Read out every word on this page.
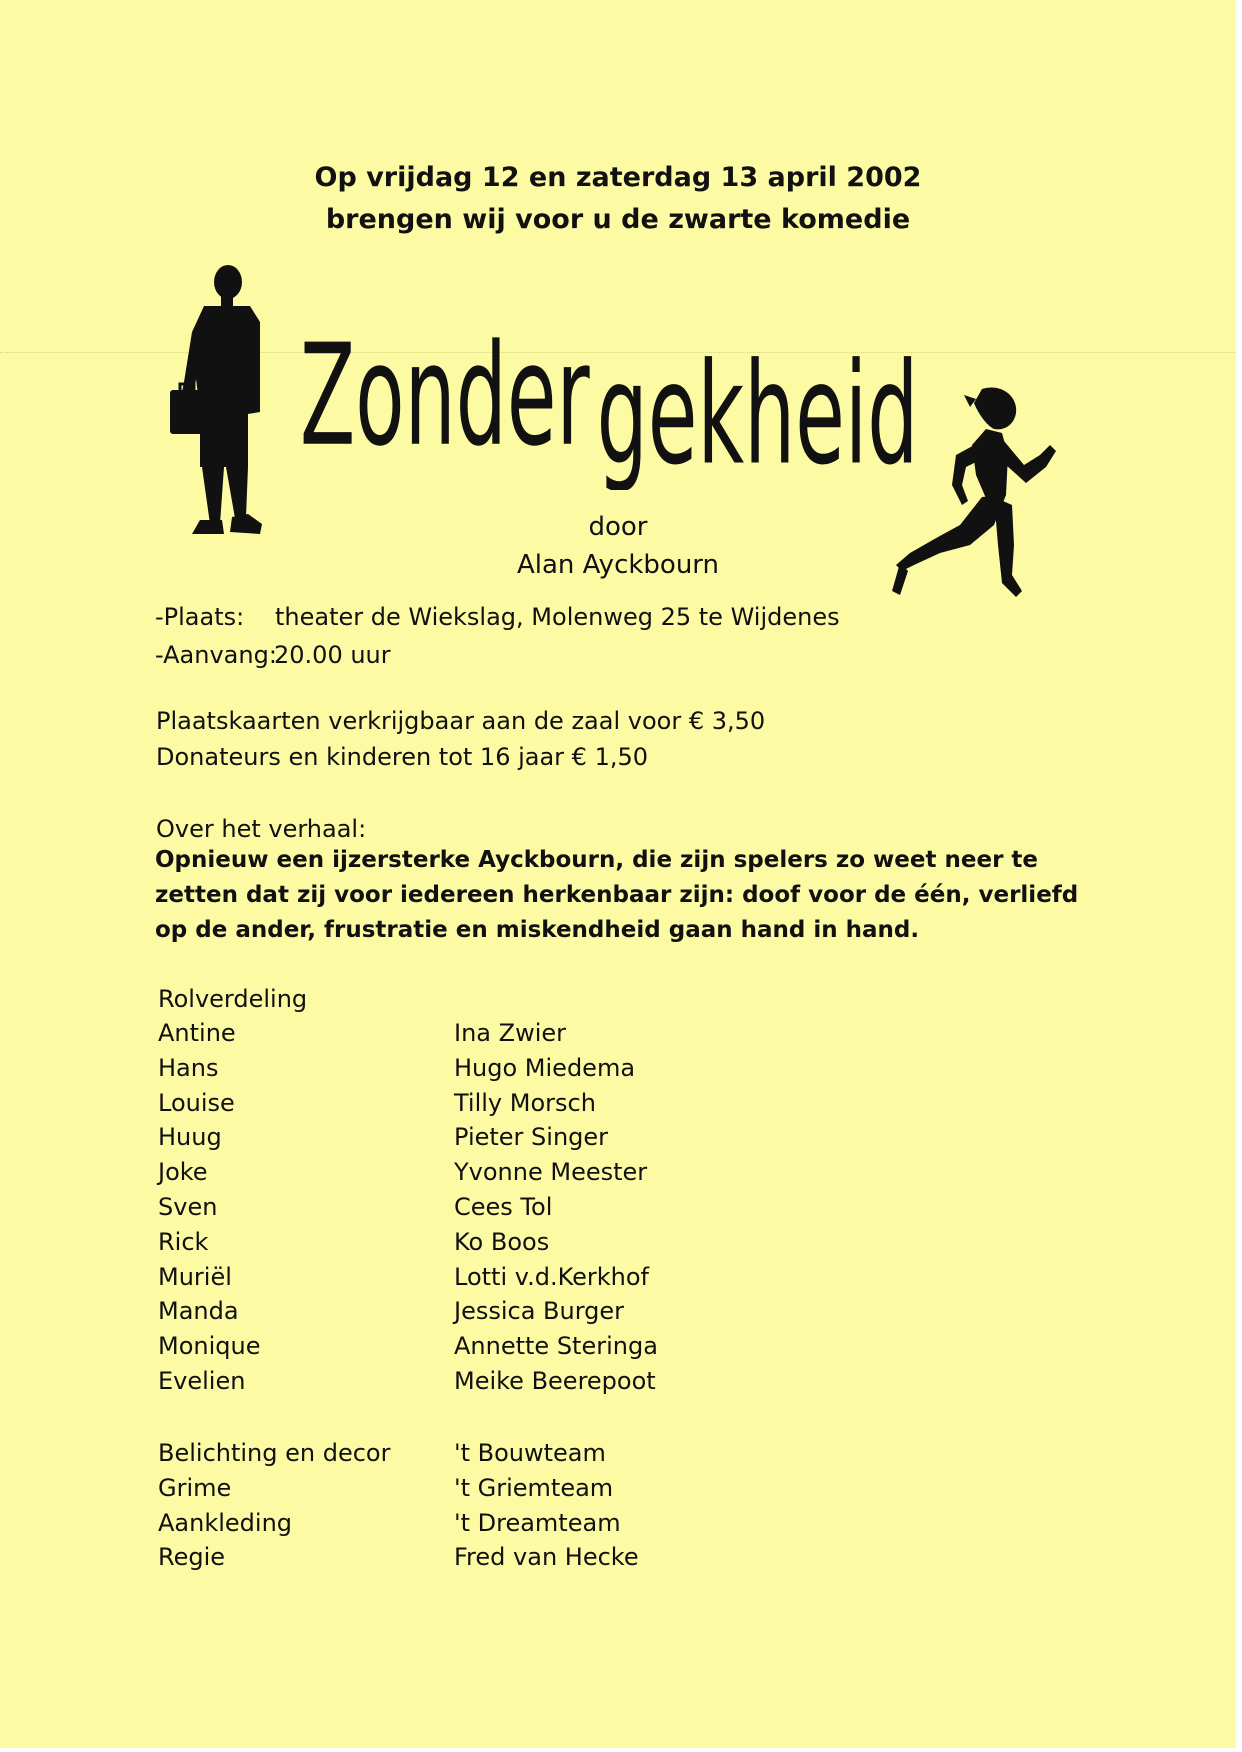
Op vrijdag 12 en zaterdag 13 april 2002
brengen wij voor u de zwarte komedie
Zonder gekheid
door
Alan Ayckbourn
-Plaats: theater de Wiekslag, Molenweg 25 te Wijdenes
-Aanvang:
20.00 uur
Plaatskaarten verkrijgbaar aan de zaal voor € 3,50
Donateurs en kinderen tot 16 jaar € 1,50
Over het verhaal:
Opnieuw een ijzersterke Ayckbourn, die zijn spelers zo weet neer te zetten dat zij voor iedereen herkenbaar zijn: doof voor de één, verliefd op de ander, frustratie en miskendheid gaan hand in hand.
Rolverdeling
Antine	Ina Zwier
Hans	Hugo Miedema
Louise	Tilly Morsch
Huug	Pieter Singer
Joke	Yvonne Meester
Sven	Cees Tol
Rick	Ko Boos
Muriël	Lotti v.d.Kerkhof
Manda	Jessica Burger
Monique	Annette Steringa
Evelien	Meike Beerepoot
Belichting en decor	't Bouwteam
Grime	't Griemteam
Aankleding	't Dreamteam
Regie	Fred van Hecke
